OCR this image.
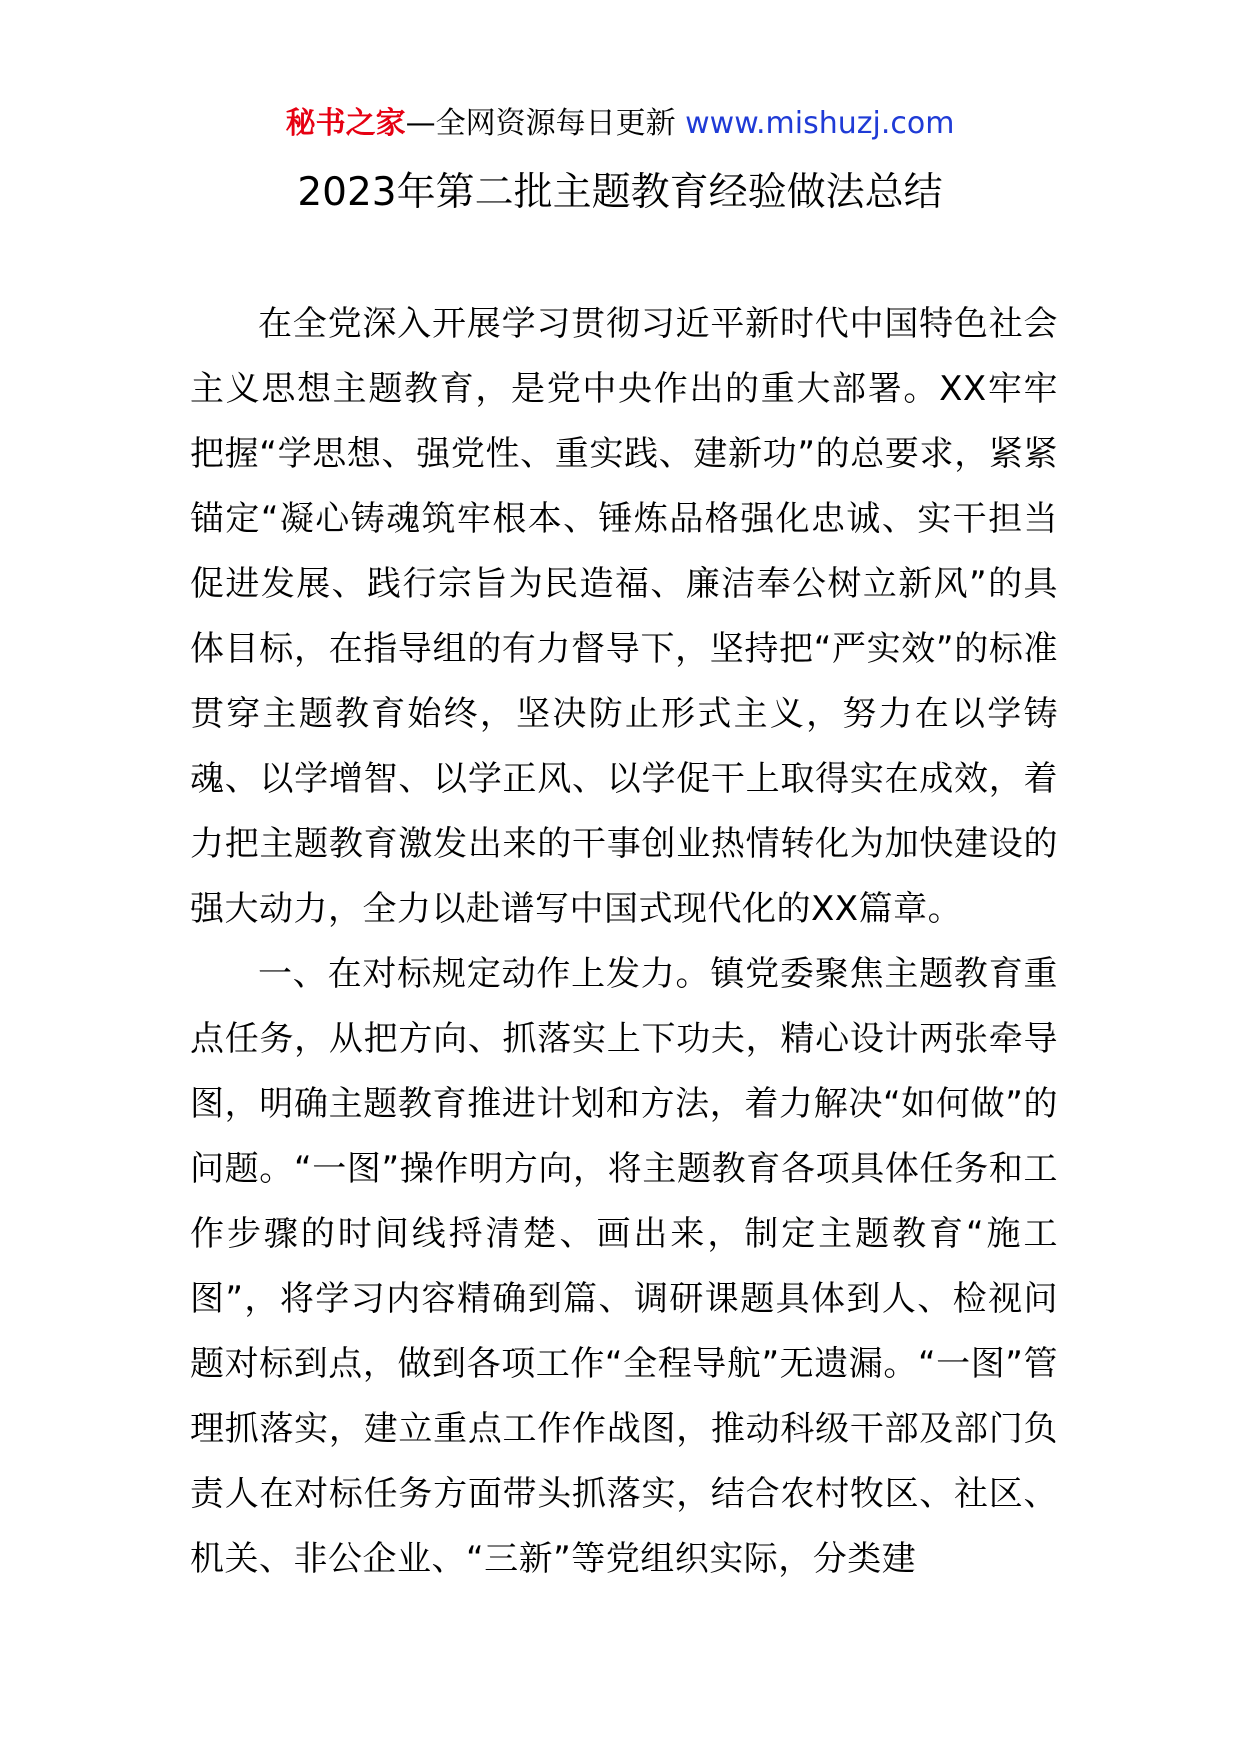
秘书之家—全网资源每日更新 www.mishuzj.com
2023年第二批主题教育经验做法总结

在全党深入开展学习贯彻习近平新时代中国特色社会主义思想主题教育，是党中央作出的重大部署。XX牢牢把握“学思想、强党性、重实践、建新功”的总要求，紧紧锚定“凝心铸魂筑牢根本、锤炼品格强化忠诚、实干担当促进发展、践行宗旨为民造福、廉洁奉公树立新风”的具体目标，在指导组的有力督导下，坚持把“严实效”的标准贯穿主题教育始终，坚决防止形式主义，努力在以学铸魂、以学增智、以学正风、以学促干上取得实在成效，着力把主题教育激发出来的干事创业热情转化为加快建设的强大动力，全力以赴谱写中国式现代化的XX篇章。

一、在对标规定动作上发力。镇党委聚焦主题教育重点任务，从把方向、抓落实上下功夫，精心设计两张牵导图，明确主题教育推进计划和方法，着力解决“如何做”的问题。“一图”操作明方向，将主题教育各项具体任务和工作步骤的时间线捋清楚、画出来，制定主题教育“施工图”，将学习内容精确到篇、调研课题具体到人、检视问题对标到点，做到各项工作“全程导航”无遗漏。“一图”管理抓落实，建立重点工作作战图，推动科级干部及部门负责人在对标任务方面带头抓落实，结合农村牧区、社区、机关、非公企业、“三新”等党组织实际，分类建
